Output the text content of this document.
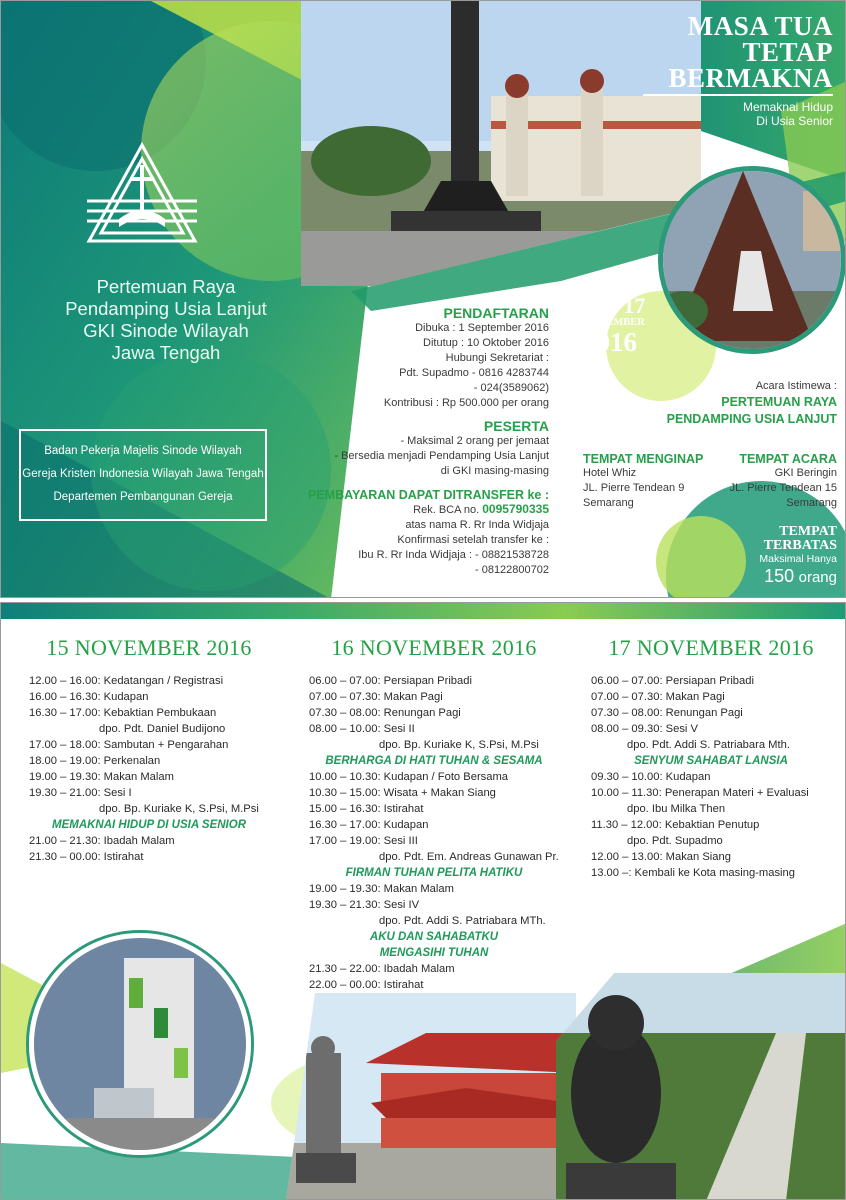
Pertemuan Raya
Pendamping Usia Lanjut
GKI Sinode Wilayah
Jawa Tengah
Badan Pekerja Majelis Sinode Wilayah
Gereja Kristen Indonesia Wilayah Jawa Tengah
Departemen Pembangunan Gereja
MASA TUA
TETAP
BERMAKNA
Memaknai Hidup
Di Usia Senior
Waktu :
15 - 17
NOVEMBER
2016
PENDAFTARAN
Dibuka : 1 September 2016
Ditutup : 10 Oktober 2016
Hubungi Sekretariat :
Pdt. Supadmo - 0816 4283744
- 024(3589062)
Kontribusi : Rp 500.000 per orang
PESERTA
- Maksimal 2 orang per jemaat
- Bersedia menjadi Pendamping Usia Lanjut
di GKI masing-masing
PEMBAYARAN DAPAT DITRANSFER ke :
Rek. BCA no. 0095790335
atas nama R. Rr Inda Widjaja
Konfirmasi setelah transfer ke :
Ibu R. Rr Inda Widjaja : - 08821538728
- 08122800702
Acara Istimewa :
PERTEMUAN RAYA
PENDAMPING USIA LANJUT
TEMPAT MENGINAP
Hotel Whiz
JL. Pierre Tendean 9
Semarang
TEMPAT ACARA
GKI Beringin
JL. Pierre Tendean 15
Semarang
TEMPAT
TERBATAS
Maksimal Hanya
150 orang
15 NOVEMBER 2016
12.00 – 16.00 : Kedatangan / Registrasi
16.00 – 16.30 : Kudapan
16.30 – 17.00 : Kebaktian Pembukaan
dpo. Pdt. Daniel Budijono
17.00 – 18.00 : Sambutan + Pengarahan
18.00 – 19.00 : Perkenalan
19.00 – 19.30 : Makan Malam
19.30 – 21.00 : Sesi I
dpo. Bp. Kuriake K, S.Psi, M.Psi
MEMAKNAI HIDUP DI USIA SENIOR
21.00 – 21.30 : Ibadah Malam
21.30 – 00.00 : Istirahat
16 NOVEMBER 2016
06.00 – 07.00 : Persiapan Pribadi
07.00 – 07.30 : Makan Pagi
07.30 – 08.00 : Renungan Pagi
08.00 – 10.00 : Sesi II
dpo. Bp. Kuriake K, S.Psi, M.Psi
BERHARGA DI HATI TUHAN & SESAMA
10.00 – 10.30 : Kudapan / Foto Bersama
10.30 – 15.00 : Wisata + Makan Siang
15.00 – 16.30 : Istirahat
16.30 – 17.00 : Kudapan
17.00 – 19.00 : Sesi III
dpo. Pdt. Em. Andreas Gunawan Pr.
FIRMAN TUHAN PELITA HATIKU
19.00 – 19.30 : Makan Malam
19.30 – 21.30 : Sesi IV
dpo. Pdt. Addi S. Patriabara MTh.
AKU DAN SAHABATKU
MENGASIHI TUHAN
21.30 – 22.00 : Ibadah Malam
22.00 – 00.00 : Istirahat
17 NOVEMBER 2016
06.00 – 07.00 : Persiapan Pribadi
07.00 – 07.30 : Makan Pagi
07.30 – 08.00 : Renungan Pagi
08.00 – 09.30 : Sesi V
dpo. Pdt. Addi S. Patriabara Mth.
SENYUM SAHABAT LANSIA
09.30 – 10.00 : Kudapan
10.00 – 11.30 : Penerapan Materi + Evaluasi
dpo. Ibu Milka Then
11.30 – 12.00 : Kebaktian Penutup
dpo. Pdt. Supadmo
12.00 – 13.00 : Makan Siang
13.00 – : Kembali ke Kota masing-masing
